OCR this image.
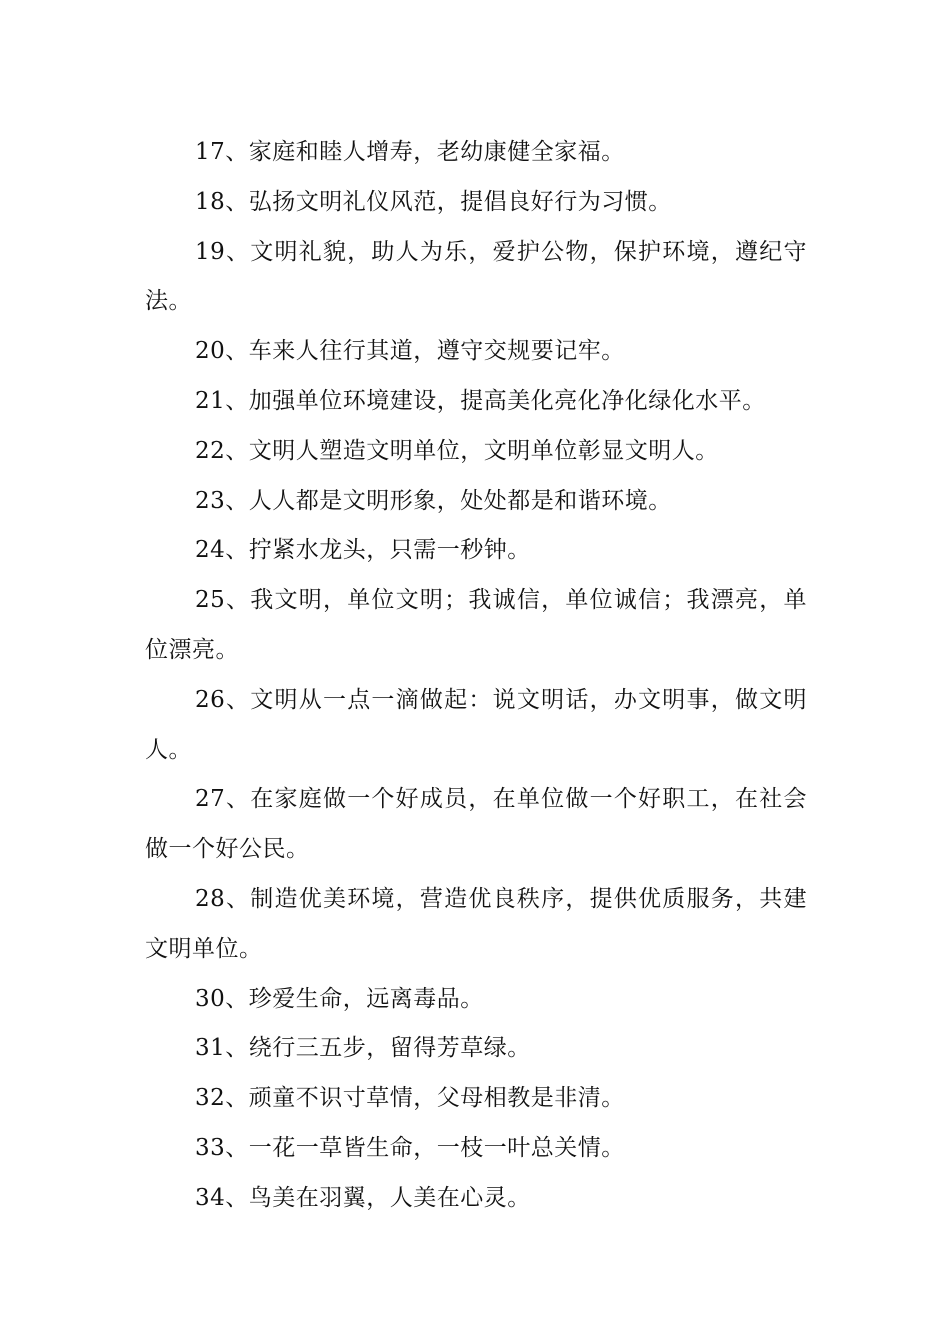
17、家庭和睦人增寿，老幼康健全家福。

18、弘扬文明礼仪风范，提倡良好行为习惯。

19、文明礼貌，助人为乐，爱护公物，保护环境，遵纪守法。

20、车来人往行其道，遵守交规要记牢。

21、加强单位环境建设，提高美化亮化净化绿化水平。

22、文明人塑造文明单位，文明单位彰显文明人。

23、人人都是文明形象，处处都是和谐环境。

24、拧紧水龙头，只需一秒钟。

25、我文明，单位文明；我诚信，单位诚信；我漂亮，单位漂亮。

26、文明从一点一滴做起：说文明话，办文明事，做文明人。

27、在家庭做一个好成员，在单位做一个好职工，在社会做一个好公民。

28、制造优美环境，营造优良秩序，提供优质服务，共建文明单位。

30、珍爱生命，远离毒品。

31、绕行三五步，留得芳草绿。

32、顽童不识寸草情，父母相教是非清。

33、一花一草皆生命，一枝一叶总关情。

34、鸟美在羽翼，人美在心灵。
